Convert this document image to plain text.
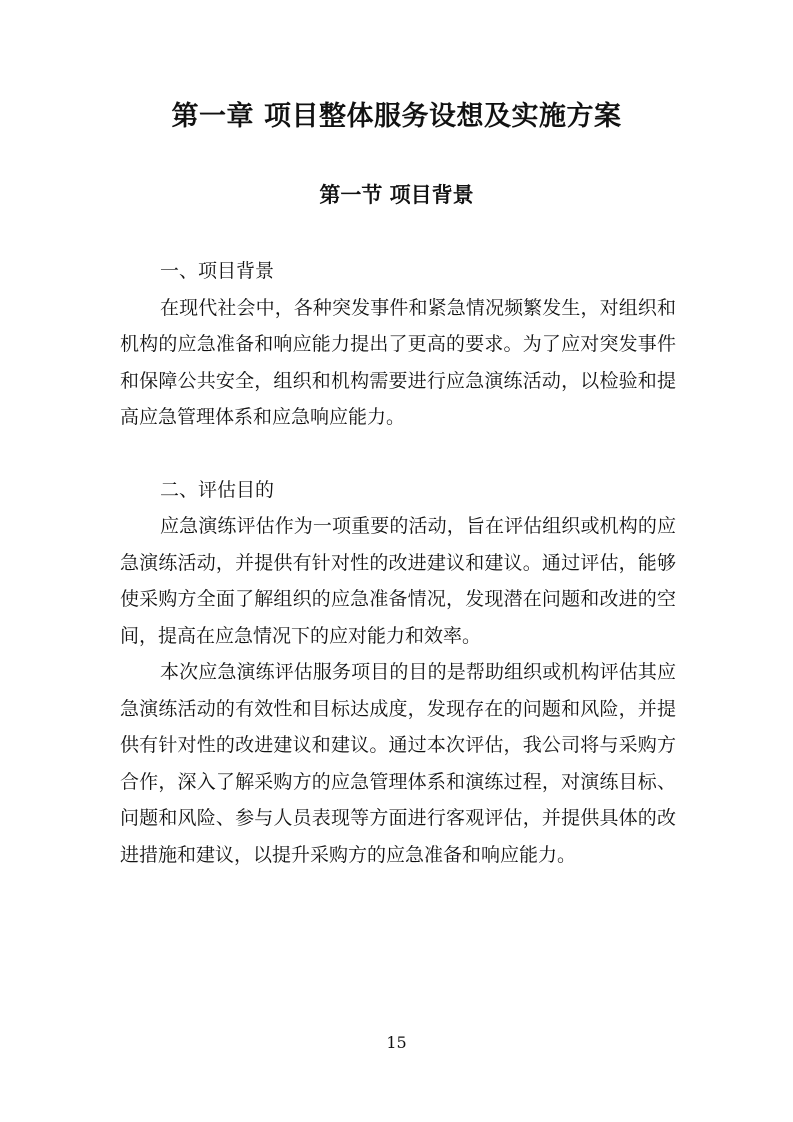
第一章 项目整体服务设想及实施方案
第一节 项目背景
一、项目背景

在现代社会中，各种突发事件和紧急情况频繁发生，对组织和机构的应急准备和响应能力提出了更高的要求。为了应对突发事件和保障公共安全，组织和机构需要进行应急演练活动，以检验和提高应急管理体系和应急响应能力。

二、评估目的

应急演练评估作为一项重要的活动，旨在评估组织或机构的应急演练活动，并提供有针对性的改进建议和建议。通过评估，能够使采购方全面了解组织的应急准备情况，发现潜在问题和改进的空间，提高在应急情况下的应对能力和效率。

本次应急演练评估服务项目的目的是帮助组织或机构评估其应急演练活动的有效性和目标达成度，发现存在的问题和风险，并提供有针对性的改进建议和建议。通过本次评估，我公司将与采购方合作，深入了解采购方的应急管理体系和演练过程，对演练目标、问题和风险、参与人员表现等方面进行客观评估，并提供具体的改进措施和建议，以提升采购方的应急准备和响应能力。

15
